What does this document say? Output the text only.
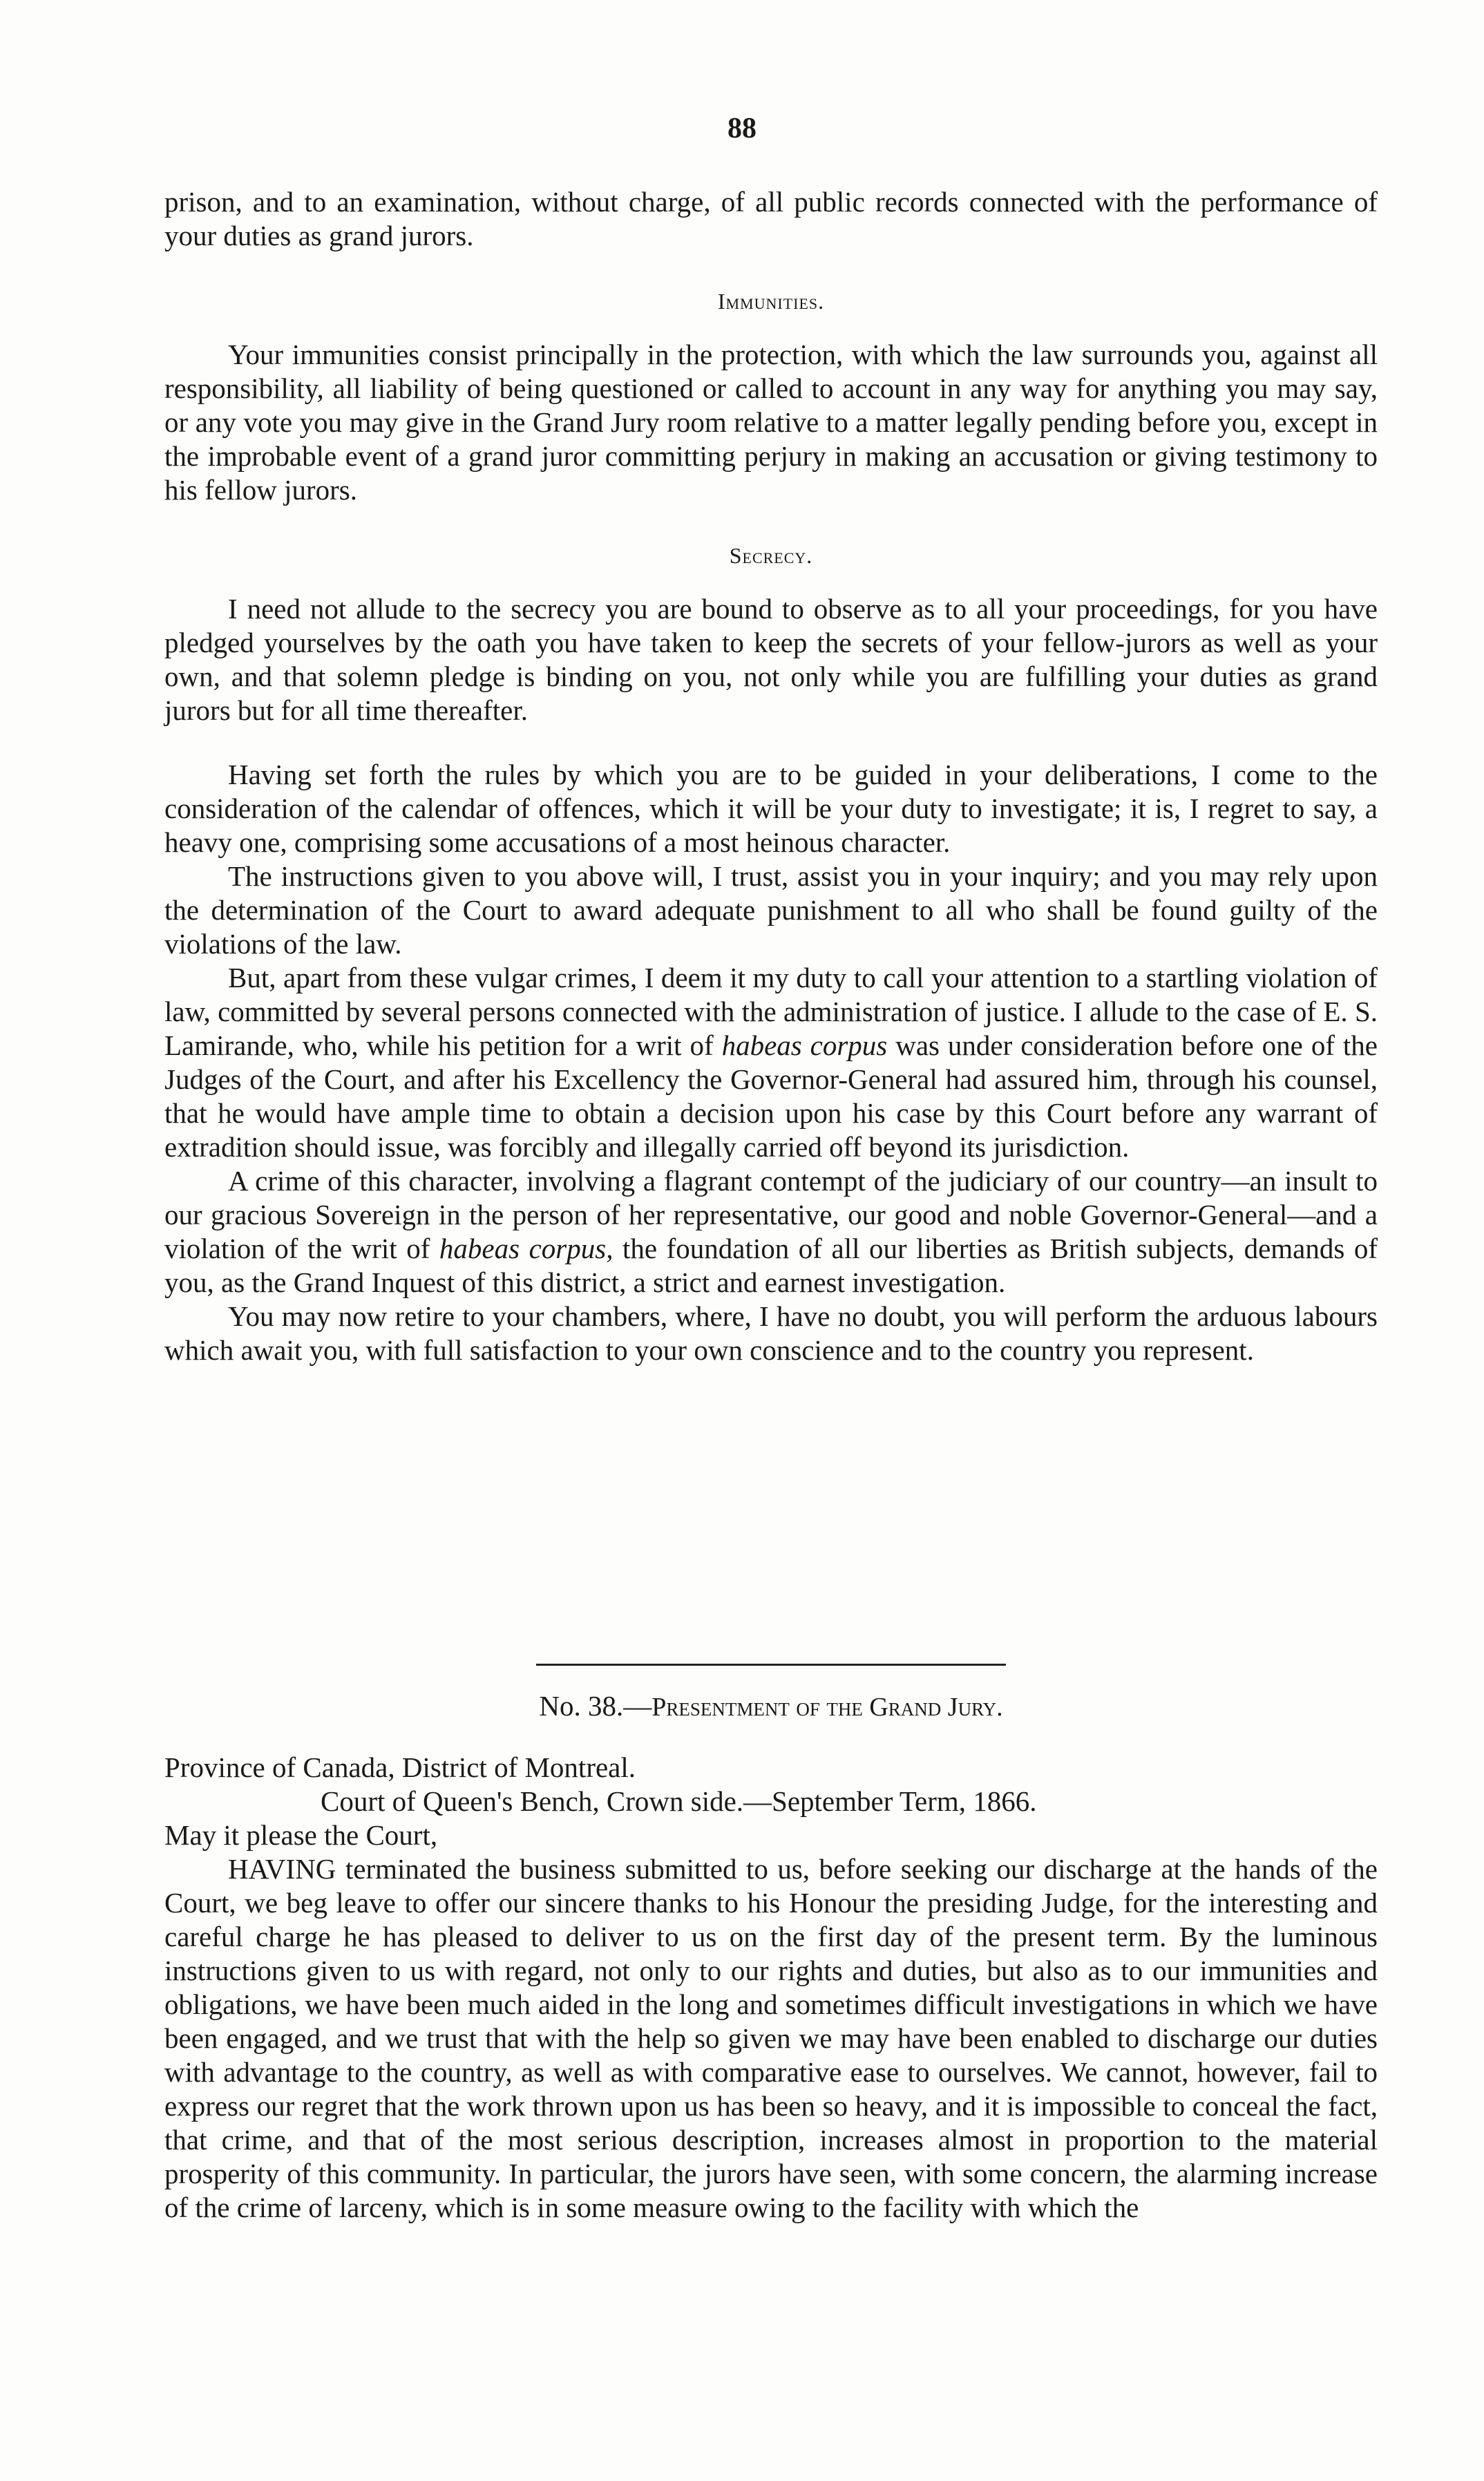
88

prison, and to an examination, without charge, of all public records connected with the performance of your duties as grand jurors.

Immunities.

Your immunities consist principally in the protection, with which the law surrounds you, against all responsibility, all liability of being questioned or called to account in any way for anything you may say, or any vote you may give in the Grand Jury room relative to a matter legally pending before you, except in the improbable event of a grand juror committing perjury in making an accusation or giving testimony to his fellow jurors.

Secrecy.

I need not allude to the secrecy you are bound to observe as to all your proceedings, for you have pledged yourselves by the oath you have taken to keep the secrets of your fellow-jurors as well as your own, and that solemn pledge is binding on you, not only while you are fulfilling your duties as grand jurors but for all time thereafter.

Having set forth the rules by which you are to be guided in your deliberations, I come to the consideration of the calendar of offences, which it will be your duty to investigate; it is, I regret to say, a heavy one, comprising some accusations of a most heinous character.

The instructions given to you above will, I trust, assist you in your inquiry; and you may rely upon the determination of the Court to award adequate punishment to all who shall be found guilty of the violations of the law.

But, apart from these vulgar crimes, I deem it my duty to call your attention to a startling violation of law, committed by several persons connected with the administration of justice. I allude to the case of E. S. Lamirande, who, while his petition for a writ of habeas corpus was under consideration before one of the Judges of the Court, and after his Excellency the Governor-General had assured him, through his counsel, that he would have ample time to obtain a decision upon his case by this Court before any warrant of extradition should issue, was forcibly and illegally carried off beyond its jurisdiction.

A crime of this character, involving a flagrant contempt of the judiciary of our country—an insult to our gracious Sovereign in the person of her representative, our good and noble Governor-General—and a violation of the writ of habeas corpus, the foundation of all our liberties as British subjects, demands of you, as the Grand Inquest of this district, a strict and earnest investigation.

You may now retire to your chambers, where, I have no doubt, you will perform the arduous labours which await you, with full satisfaction to your own conscience and to the country you represent.

No. 38.—Presentment of the Grand Jury.

Province of Canada, District of Montreal.

Court of Queen's Bench, Crown side.—September Term, 1866.

May it please the Court,

HAVING terminated the business submitted to us, before seeking our discharge at the hands of the Court, we beg leave to offer our sincere thanks to his Honour the presiding Judge, for the interesting and careful charge he has pleased to deliver to us on the first day of the present term. By the luminous instructions given to us with regard, not only to our rights and duties, but also as to our immunities and obligations, we have been much aided in the long and sometimes difficult investigations in which we have been engaged, and we trust that with the help so given we may have been enabled to discharge our duties with advantage to the country, as well as with comparative ease to ourselves. We cannot, however, fail to express our regret that the work thrown upon us has been so heavy, and it is impossible to conceal the fact, that crime, and that of the most serious description, increases almost in proportion to the material prosperity of this community. In particular, the jurors have seen, with some concern, the alarming increase of the crime of larceny, which is in some measure owing to the facility with which the
